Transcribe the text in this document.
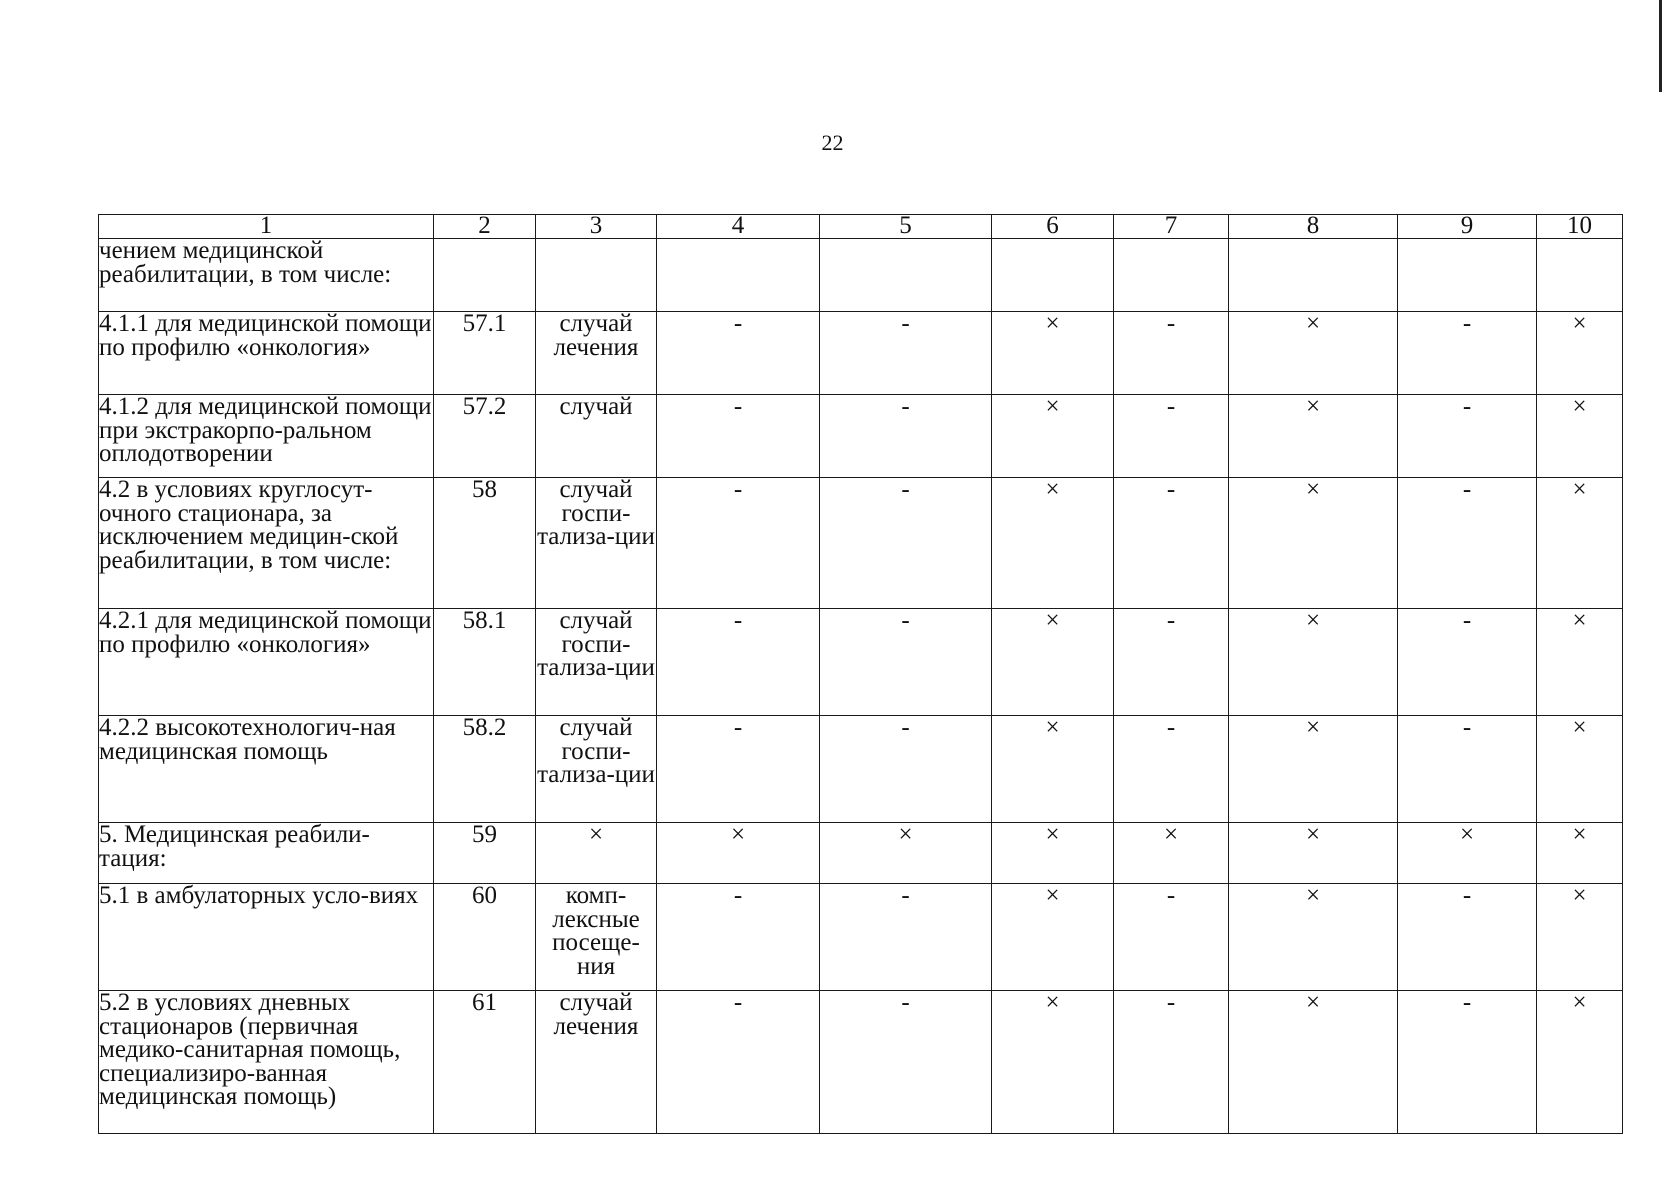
22
1	2	3	4	5	6	7	8	9	10
чением медицинской реабилитации, в том числе:									
4.1.1 для медицинской помощи по профилю «онкология»	57.1	случай лечения	-	-	×	-	×	-	×
4.1.2 для медицинской помощи при экстракорпо-ральном оплодотворении	57.2	случай	-	-	×	-	×	-	×
4.2 в условиях круглосут-очного стационара, за исключением медицин-ской реабилитации, в том числе:	58	случай госпи-тализа-ции	-	-	×	-	×	-	×
4.2.1 для медицинской помощи по профилю «онкология»	58.1	случай госпи-тализа-ции	-	-	×	-	×	-	×
4.2.2 высокотехнологич-ная медицинская помощь	58.2	случай госпи-тализа-ции	-	-	×	-	×	-	×
5. Медицинская реабили-тация:	59	×	×	×	×	×	×	×	×
5.1 в амбулаторных усло-виях	60	комп-лексные посеще-ния	-	-	×	-	×	-	×
5.2 в условиях дневных стационаров (первичная медико-санитарная помощь, специализиро-ванная медицинская помощь)	61	случай лечения	-	-	×	-	×	-	×
